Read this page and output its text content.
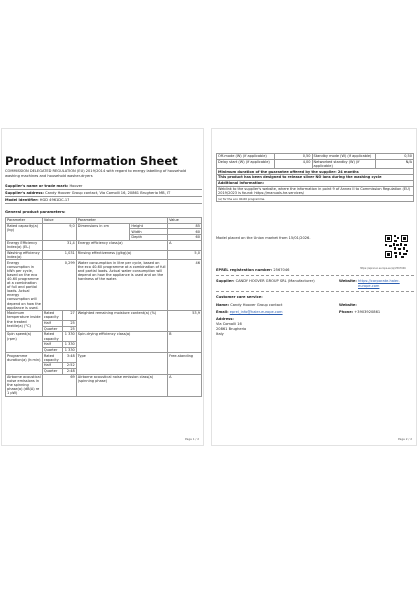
Product Information Sheet
COMMISSION DELEGATED REGULATION (EU) 2019/2014 with regard to energy labelling of household washing machines and household washer-dryers
Supplier's name or trade mark: Hoover
Supplier's address: Candy Hoover Group contact, Via Comolli 16, 20861 Brugherio MB, IT
Model identifier: HGD 4961DC-17
General product parameters:
Parameter	Value		Parameter		Value
Rated capacity(a) (kg)	9,0		Dimensions in cm	Height	85
				Width	60
				Depth	60
Energy Efficiency Index(a) (EIₑ)	31,4		Energy efficiency class(a)		A
Washing efficiency index(a)	1,031		Rinsing effectiveness (g/kg)(a)		5,0
Energy consumption in kWh per cycle, based on the eco 40-60 programme at a combination of full and partial loads. Actual energy consumption will depend on how the appliance is used.	0,299		Water consumption in litre per cycle, based on the eco 40-60 programme at a combination of full and partial loads. Actual water consumption will depend on how the appliance is used and on the hardness of the water.		46
Maximum temperature inside the treated textile(a) (°C)	Rated capacity	27	Weighted remaining moisture content(a) (%)		53,9
	Half	25			
	Quarter	25			
Spin speed(a) (rpm)	Rated capacity	1 330	Spin-drying efficiency class(a)		B
	Half	1 330			
	Quarter	1 330			
Programme duration(a) (h:min)	Rated capacity	3:48	Type		Free-standing
	Half	2:52			
	Quarter	2:48			
Airborne acoustical noise emissions in the spinning phase(a) (dB(A) re 1 pW)	69		Airborne acoustical noise emission class(a) (spinning phase)		A
Page 1 / 2
Off-mode (W) (if applicable)	0,50	Standby mode (W) (if applicable)	0,50
Delay start (W) (if applicable)	4,00	Networked standby (W) (if applicable)	N/A
Minimum duration of the guarantee offered by the supplier: 24 months			
This product has been designed to release silver NO ions during the washing cycle			
Additional information:			
Weblink to the supplier's website, where the information in point 9 of Annex II to Commission Regulation (EU) 2019/2023 is found: https://manuals.he.services/			
(a) for the eco 40-60 programme.			
Model placed on the Union market from 15/01/2026.
https://eprel.ec.europa.eu/qr/2567046
EPREL registration number: 2567046
Supplier: CANDY HOOVER GROUP SRL (Manufacturer)	Website: https://corporate.haier-europe.com
Customer care service:
Name: Candy Hoover Group contact	Website:
Email: eprel_info@haier-europe.com	Phone: +3903920861
Address:
Via Comolli 16
20861 Brugherio
Italy
Page 2 / 2
